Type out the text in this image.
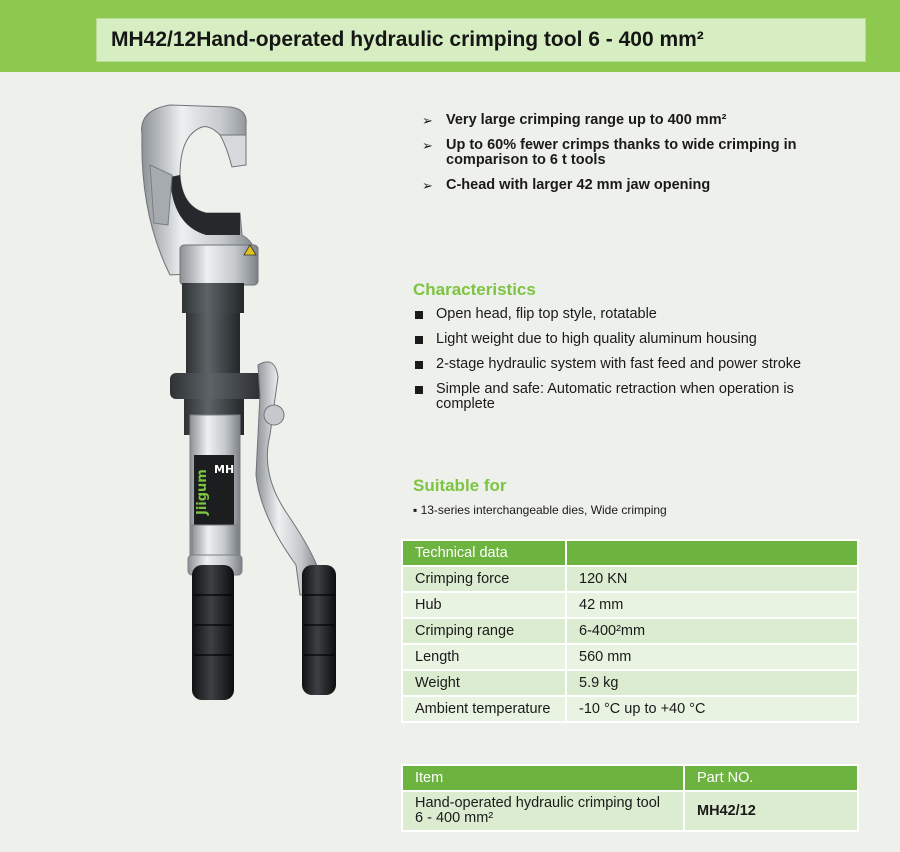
MH42/12Hand-operated hydraulic crimping tool 6 - 400 mm²
Jiigum MH
➢ Very large crimping range up to 400 mm²
➢ Up to 60% fewer crimps thanks to wide crimping in comparison to 6 t tools
➢ C-head with larger 42 mm jaw opening
Characteristics
Open head, flip top style, rotatable
Light weight due to high quality aluminum housing
2-stage hydraulic system with fast feed and power stroke
Simple and safe: Automatic retraction when operation is complete
Suitable for
▪ 13-series interchangeable dies, Wide crimping
Technical data	
Crimping force	120 KN
Hub	42 mm
Crimping range	6-400²mm
Length	560 mm
Weight	5.9 kg
Ambient temperature	-10 °C up to +40 °C
Item	Part NO.
Hand-operated hydraulic crimping tool 6 - 400 mm²	MH42/12
